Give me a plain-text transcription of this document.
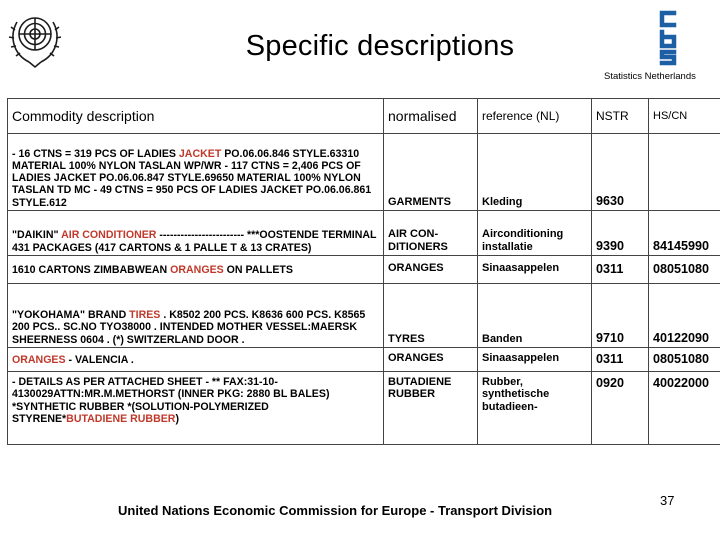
Specific descriptions
Statistics Netherlands
Commodity description	normalised	reference (NL)	NSTR	HS/CN
- 16 CTNS = 319 PCS OF LADIES JACKET PO.06.06.846 STYLE.63310 MATERIAL 100% NYLON TASLAN WP/WR - 117 CTNS = 2,406 PCS OF LADIES JACKET PO.06.06.847 STYLE.69650 MATERIAL 100% NYLON TASLAN TD MC - 49 CTNS = 950 PCS OF LADIES JACKET PO.06.06.861 STYLE.612	GARMENTS	Kleding	9630	
"DAIKIN" AIR CONDITIONER ------------------------ ***OOSTENDE TERMINAL 431 PACKAGES (417 CARTONS & 1 PALLE T & 13 CRATES)	AIR CON-DITIONERS	Airconditioning installatie	9390	84145990
1610 CARTONS ZIMBABWEAN ORANGES ON PALLETS	ORANGES	Sinaasappelen	0311	08051080
"YOKOHAMA" BRAND TIRES . K8502 200 PCS. K8636 600 PCS. K8565 200 PCS.. SC.NO TYO38000 . INTENDED MOTHER VESSEL:MAERSK SHEERNESS 0604 . (*) SWITZERLAND DOOR .	TYRES	Banden	9710	40122090
ORANGES - VALENCIA .	ORANGES	Sinaasappelen	0311	08051080
- DETAILS AS PER ATTACHED SHEET - ** FAX:31-10-4130029ATTN:MR.M.METHORST (INNER PKG: 2880 BL BALES) *SYNTHETIC RUBBER *(SOLUTION-POLYMERIZED STYRENE*BUTADIENE RUBBER)	BUTADIENE RUBBER	Rubber, synthetische butadieen-	0920	40022000
United Nations Economic Commission for Europe - Transport Division
37
